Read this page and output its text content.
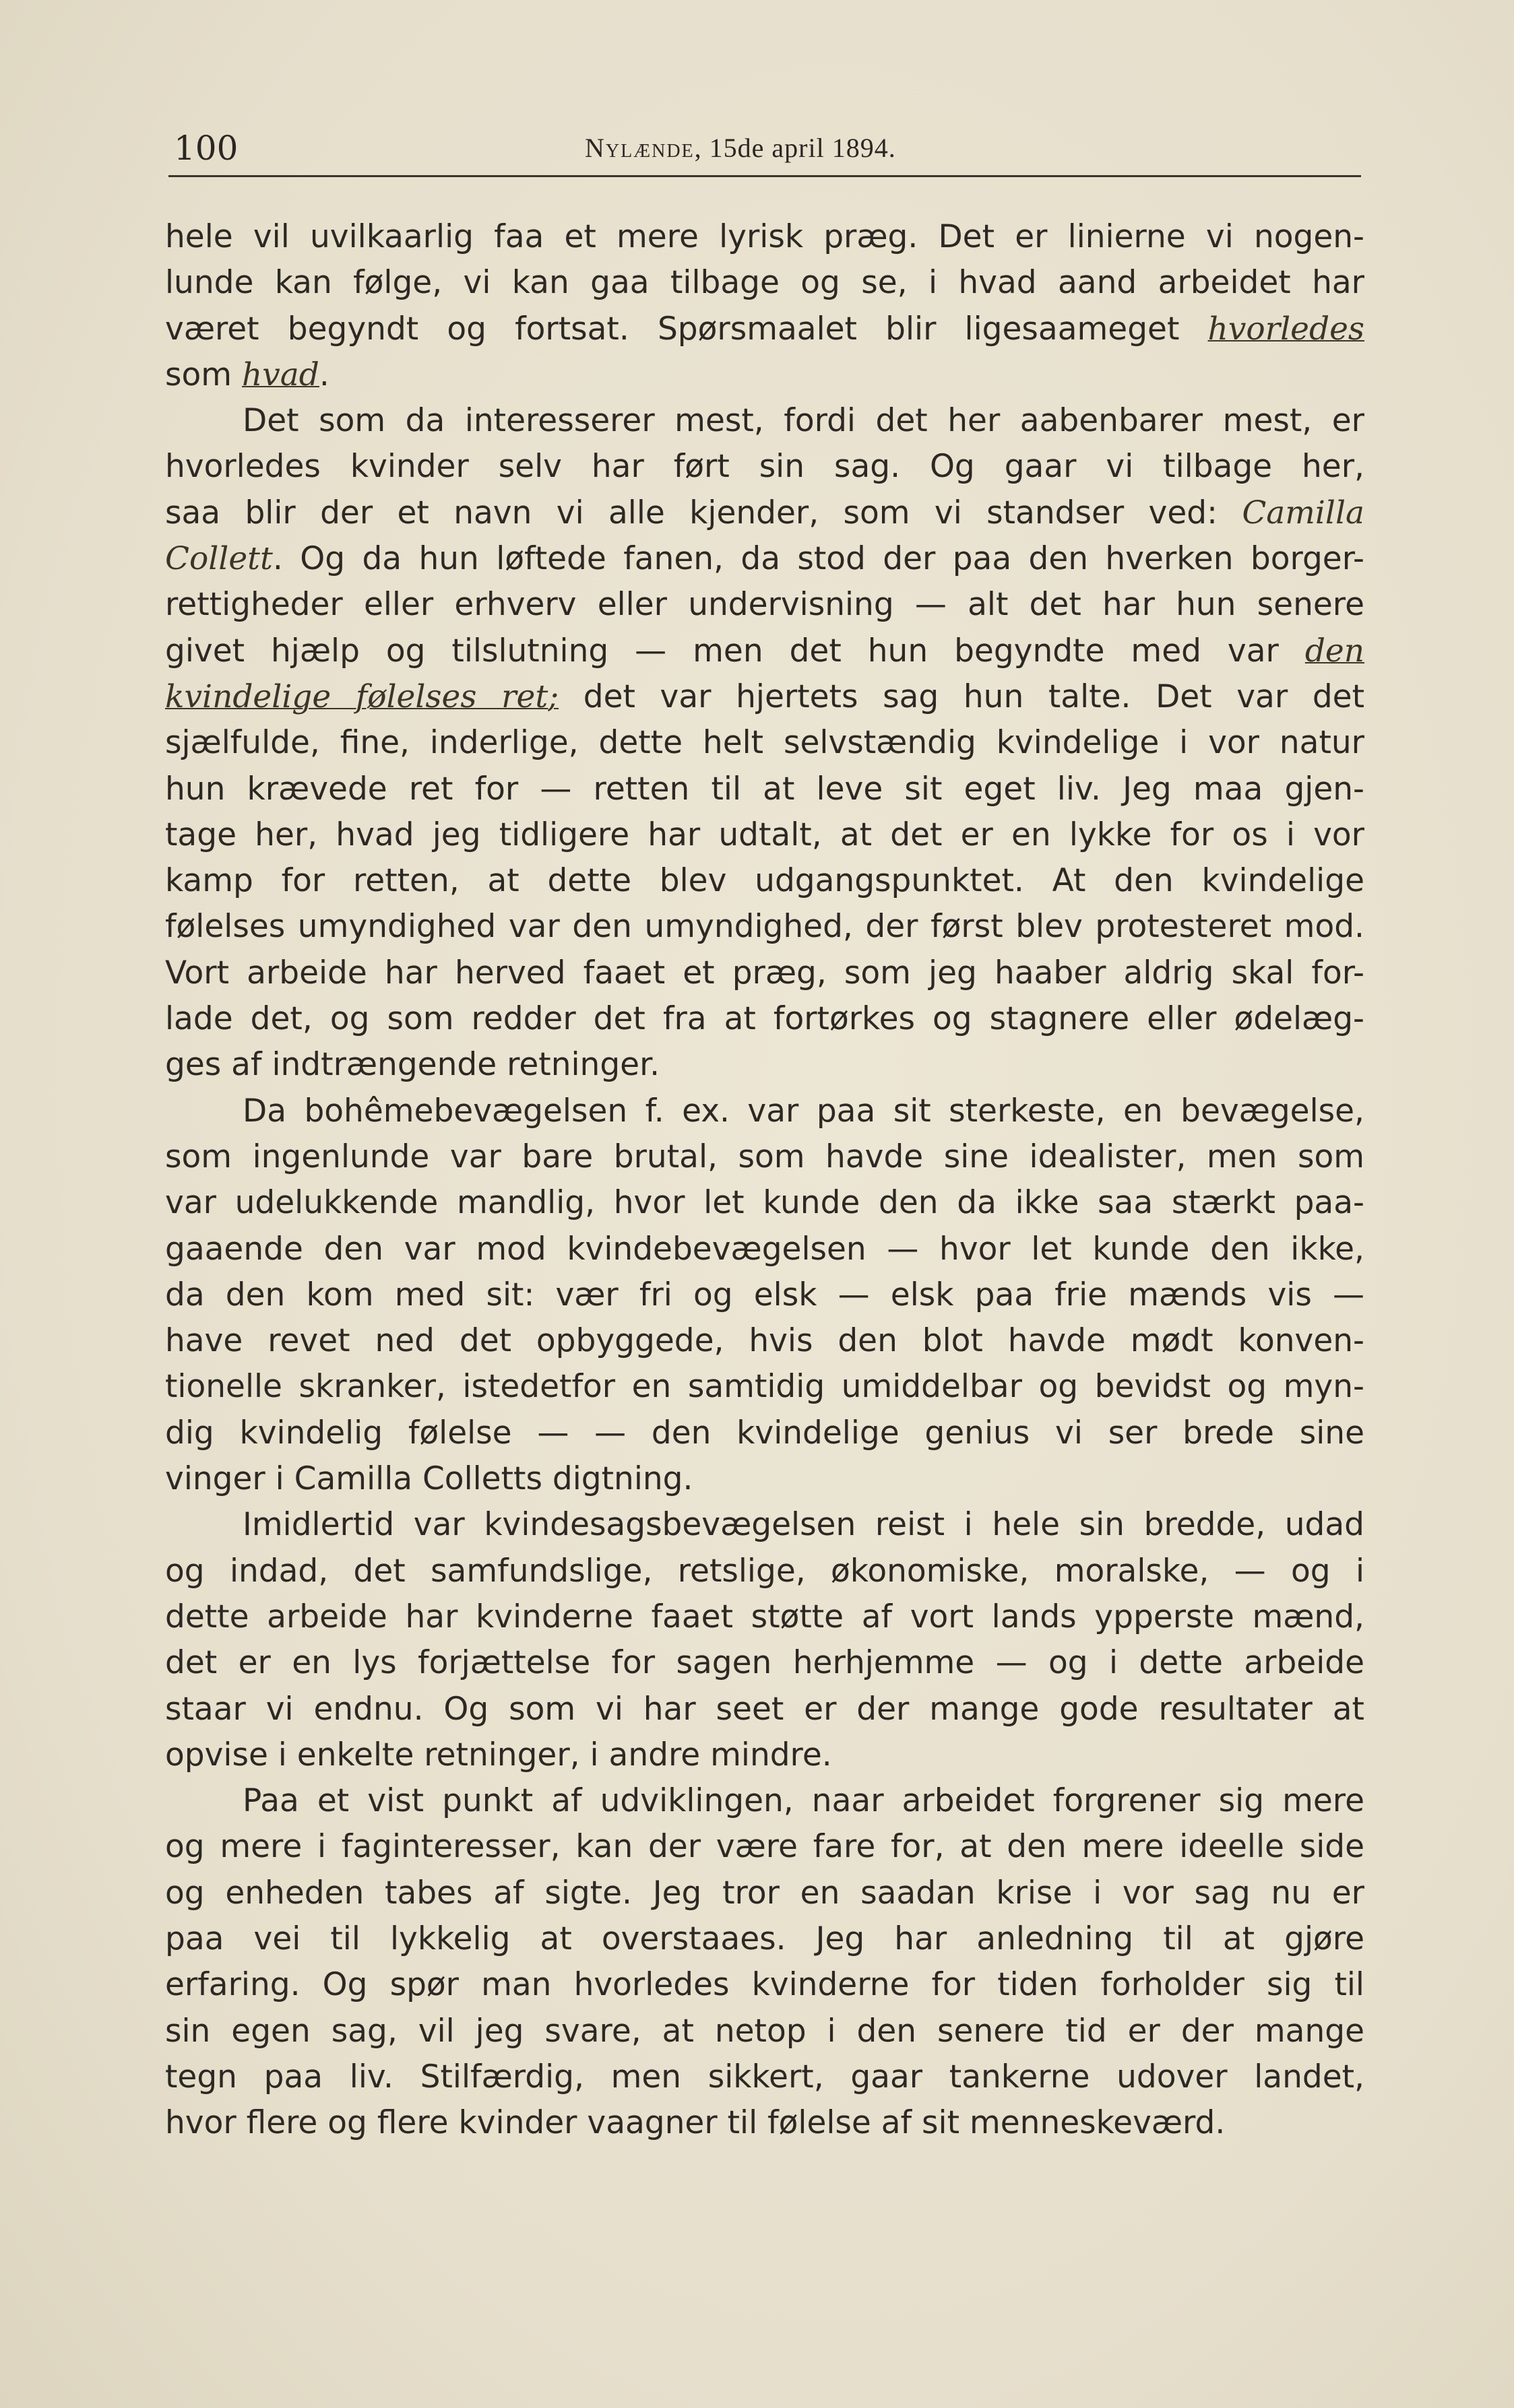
100	Nylænde, 15de april 1894.
hele vil uvilkaarlig faa et mere lyrisk præg. Det er linierne vi nogen-
lunde kan følge, vi kan gaa tilbage og se, i hvad aand arbeidet har
været begyndt og fortsat. Spørsmaalet blir ligesaameget hvorledes
som hvad.
Det som da interesserer mest, fordi det her aabenbarer mest, er
hvorledes kvinder selv har ført sin sag. Og gaar vi tilbage her,
saa blir der et navn vi alle kjender, som vi standser ved: Camilla
Collett. Og da hun løftede fanen, da stod der paa den hverken borger-
rettigheder eller erhverv eller undervisning — alt det har hun senere
givet hjælp og tilslutning — men det hun begyndte med var den
kvindelige følelses ret; det var hjertets sag hun talte. Det var det
sjælfulde, fine, inderlige, dette helt selvstændig kvindelige i vor natur
hun krævede ret for — retten til at leve sit eget liv. Jeg maa gjen-
tage her, hvad jeg tidligere har udtalt, at det er en lykke for os i vor
kamp for retten, at dette blev udgangspunktet. At den kvindelige
følelses umyndighed var den umyndighed, der først blev protesteret mod.
Vort arbeide har herved faaet et præg, som jeg haaber aldrig skal for-
lade det, og som redder det fra at fortørkes og stagnere eller ødelæg-
ges af indtrængende retninger.
Da bohêmebevægelsen f. ex. var paa sit sterkeste, en bevægelse,
som ingenlunde var bare brutal, som havde sine idealister, men som
var udelukkende mandlig, hvor let kunde den da ikke saa stærkt paa-
gaaende den var mod kvindebevægelsen — hvor let kunde den ikke,
da den kom med sit: vær fri og elsk — elsk paa frie mænds vis —
have revet ned det opbyggede, hvis den blot havde mødt konven-
tionelle skranker, istedetfor en samtidig umiddelbar og bevidst og myn-
dig kvindelig følelse — — den kvindelige genius vi ser brede sine
vinger i Camilla Colletts digtning.
Imidlertid var kvindesagsbevægelsen reist i hele sin bredde, udad
og indad, det samfundslige, retslige, økonomiske, moralske, — og i
dette arbeide har kvinderne faaet støtte af vort lands ypperste mænd,
det er en lys forjættelse for sagen herhjemme — og i dette arbeide
staar vi endnu. Og som vi har seet er der mange gode resultater at
opvise i enkelte retninger, i andre mindre.
Paa et vist punkt af udviklingen, naar arbeidet forgrener sig mere
og mere i faginteresser, kan der være fare for, at den mere ideelle side
og enheden tabes af sigte. Jeg tror en saadan krise i vor sag nu er
paa vei til lykkelig at overstaaes. Jeg har anledning til at gjøre
erfaring. Og spør man hvorledes kvinderne for tiden forholder sig til
sin egen sag, vil jeg svare, at netop i den senere tid er der mange
tegn paa liv. Stilfærdig, men sikkert, gaar tankerne udover landet,
hvor flere og flere kvinder vaagner til følelse af sit menneskeværd.
